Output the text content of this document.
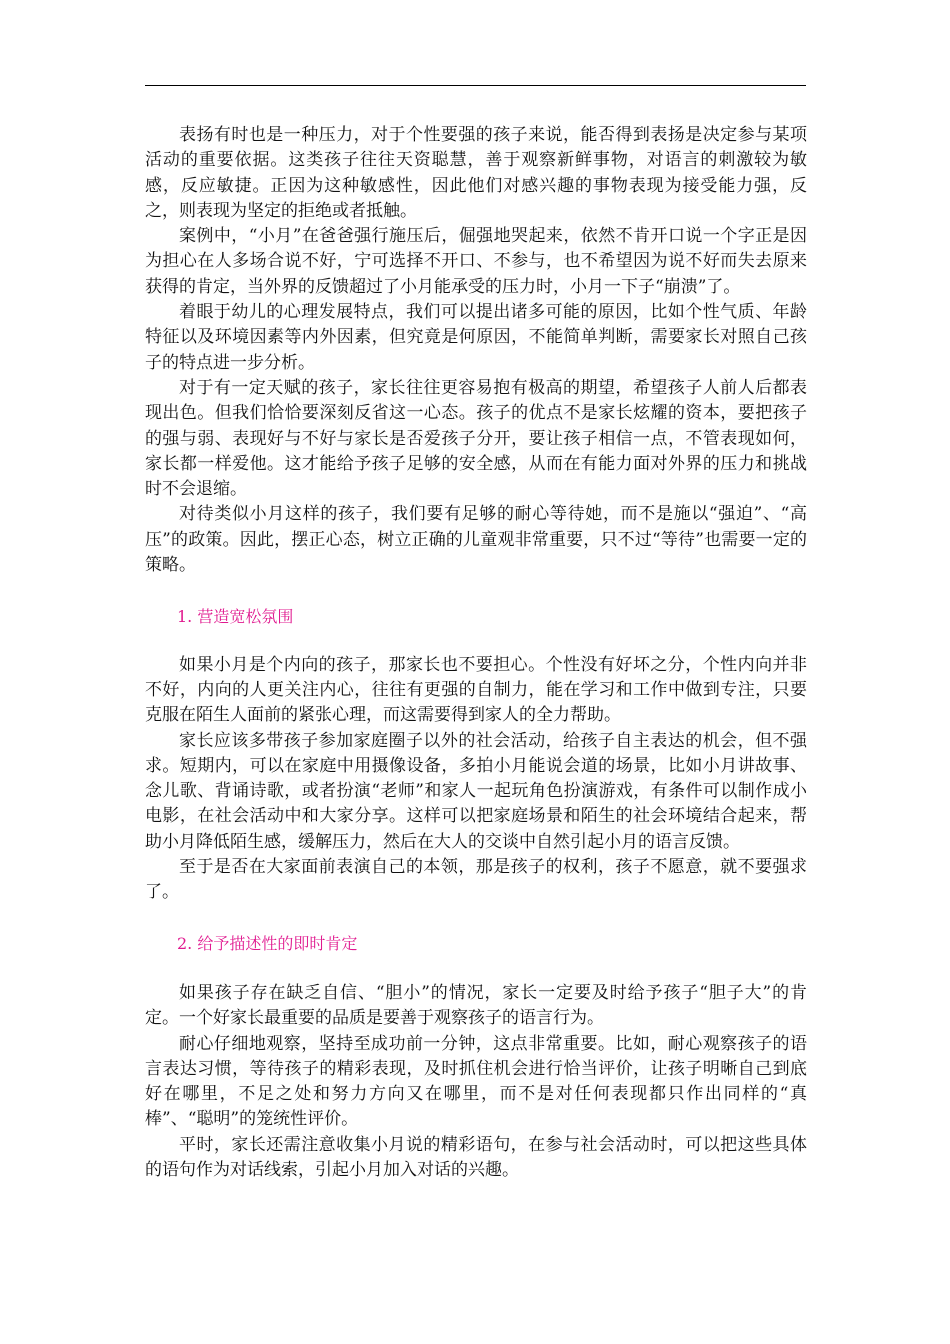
表扬有时也是一种压力，对于个性要强的孩子来说，能否得到表扬是决定参与某项活动的重要依据。这类孩子往往天资聪慧，善于观察新鲜事物，对语言的刺激较为敏感，反应敏捷。正因为这种敏感性，因此他们对感兴趣的事物表现为接受能力强，反之，则表现为坚定的拒绝或者抵触。

案例中，“小月”在爸爸强行施压后，倔强地哭起来，依然不肯开口说一个字正是因为担心在人多场合说不好，宁可选择不开口、不参与，也不希望因为说不好而失去原来获得的肯定，当外界的反馈超过了小月能承受的压力时，小月一下子“崩溃”了。

着眼于幼儿的心理发展特点，我们可以提出诸多可能的原因，比如个性气质、年龄特征以及环境因素等内外因素，但究竟是何原因，不能简单判断，需要家长对照自己孩子的特点进一步分析。

对于有一定天赋的孩子，家长往往更容易抱有极高的期望，希望孩子人前人后都表现出色。但我们恰恰要深刻反省这一心态。孩子的优点不是家长炫耀的资本，要把孩子的强与弱、表现好与不好与家长是否爱孩子分开，要让孩子相信一点，不管表现如何，家长都一样爱他。这才能给予孩子足够的安全感，从而在有能力面对外界的压力和挑战时不会退缩。

对待类似小月这样的孩子，我们要有足够的耐心等待她，而不是施以“强迫”、“高压”的政策。因此，摆正心态，树立正确的儿童观非常重要，只不过“等待”也需要一定的策略。

1. 营造宽松氛围

如果小月是个内向的孩子，那家长也不要担心。个性没有好坏之分，个性内向并非不好，内向的人更关注内心，往往有更强的自制力，能在学习和工作中做到专注，只要克服在陌生人面前的紧张心理，而这需要得到家人的全力帮助。

家长应该多带孩子参加家庭圈子以外的社会活动，给孩子自主表达的机会，但不强求。短期内，可以在家庭中用摄像设备，多拍小月能说会道的场景，比如小月讲故事、念儿歌、背诵诗歌，或者扮演“老师”和家人一起玩角色扮演游戏，有条件可以制作成小电影，在社会活动中和大家分享。这样可以把家庭场景和陌生的社会环境结合起来，帮助小月降低陌生感，缓解压力，然后在大人的交谈中自然引起小月的语言反馈。

至于是否在大家面前表演自己的本领，那是孩子的权利，孩子不愿意，就不要强求了。

2. 给予描述性的即时肯定

如果孩子存在缺乏自信、“胆小”的情况，家长一定要及时给予孩子“胆子大”的肯定。一个好家长最重要的品质是要善于观察孩子的语言行为。

耐心仔细地观察，坚持至成功前一分钟，这点非常重要。比如，耐心观察孩子的语言表达习惯，等待孩子的精彩表现，及时抓住机会进行恰当评价，让孩子明晰自己到底好在哪里，不足之处和努力方向又在哪里，而不是对任何表现都只作出同样的“真棒”、“聪明”的笼统性评价。

平时，家长还需注意收集小月说的精彩语句，在参与社会活动时，可以把这些具体的语句作为对话线索，引起小月加入对话的兴趣。
